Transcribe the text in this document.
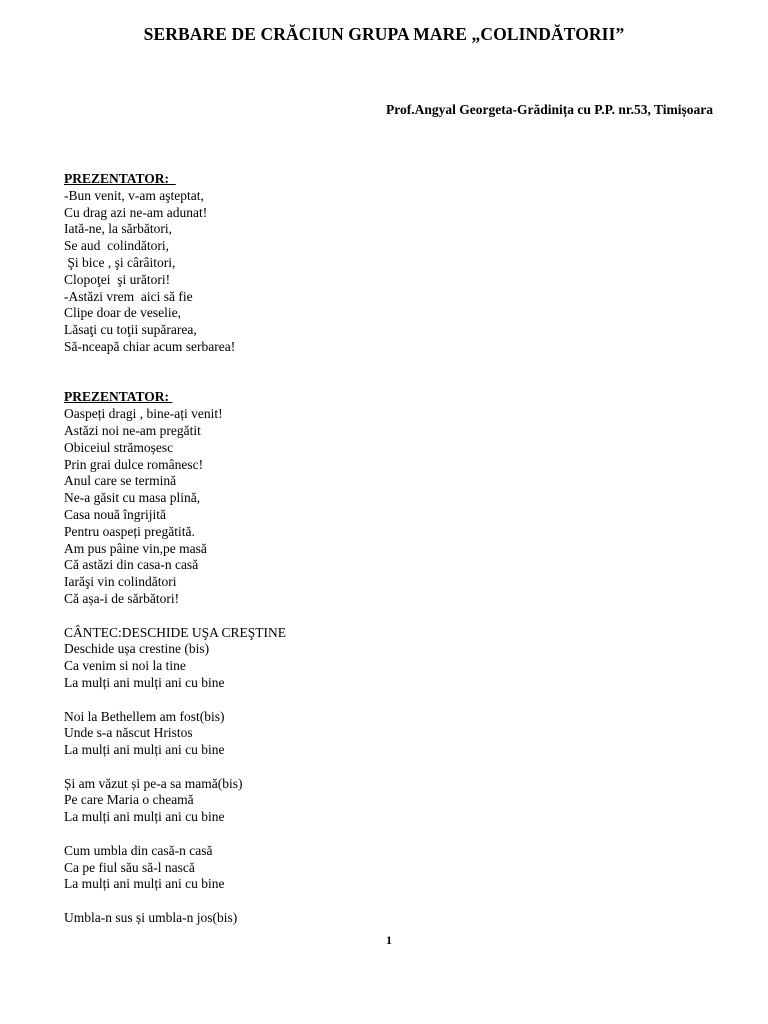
SERBARE DE CRĂCIUN GRUPA MARE „COLINDĂTORII”
Prof.Angyal Georgeta-Grădinița cu P.P. nr.53, Timișoara
PREZENTATOR:
-Bun venit, v-am aşteptat,
Cu drag azi ne-am adunat!
Iată-ne, la sărbători,
Se aud  colindători,
Şi bice , şi cârâitori,
Clopoţei  şi urători!
-Astăzi vrem  aici să fie
Clipe doar de veselie,
Lăsaţi cu toţii supărarea,
Să-nceapă chiar acum serbarea!
PREZENTATOR:
Oaspeți dragi , bine-ați venit!
Astăzi noi ne-am pregătit
Obiceiul strămoșesc
Prin grai dulce românesc!
Anul care se termină
Ne-a găsit cu masa plină,
Casa nouă îngrijită
Pentru oaspeți pregătită.
Am pus pâine vin,pe masă
Că astăzi din casa-n casă
Iarăşi vin colindători
Că așa-i de sărbători!
CÂNTEC:DESCHIDE UŞA CREŞTINE
Deschide ușa crestine (bis)
Ca venim si noi la tine
La mulți ani mulți ani cu bine
Noi la Bethellem am fost(bis)
Unde s-a născut Hristos
La mulți ani mulți ani cu bine
Și am văzut și pe-a sa mamă(bis)
Pe care Maria o cheamă
La mulți ani mulți ani cu bine
Cum umbla din casă-n casă
Ca pe fiul său să-l nască
La mulți ani mulți ani cu bine
Umbla-n sus și umbla-n jos(bis)
1
